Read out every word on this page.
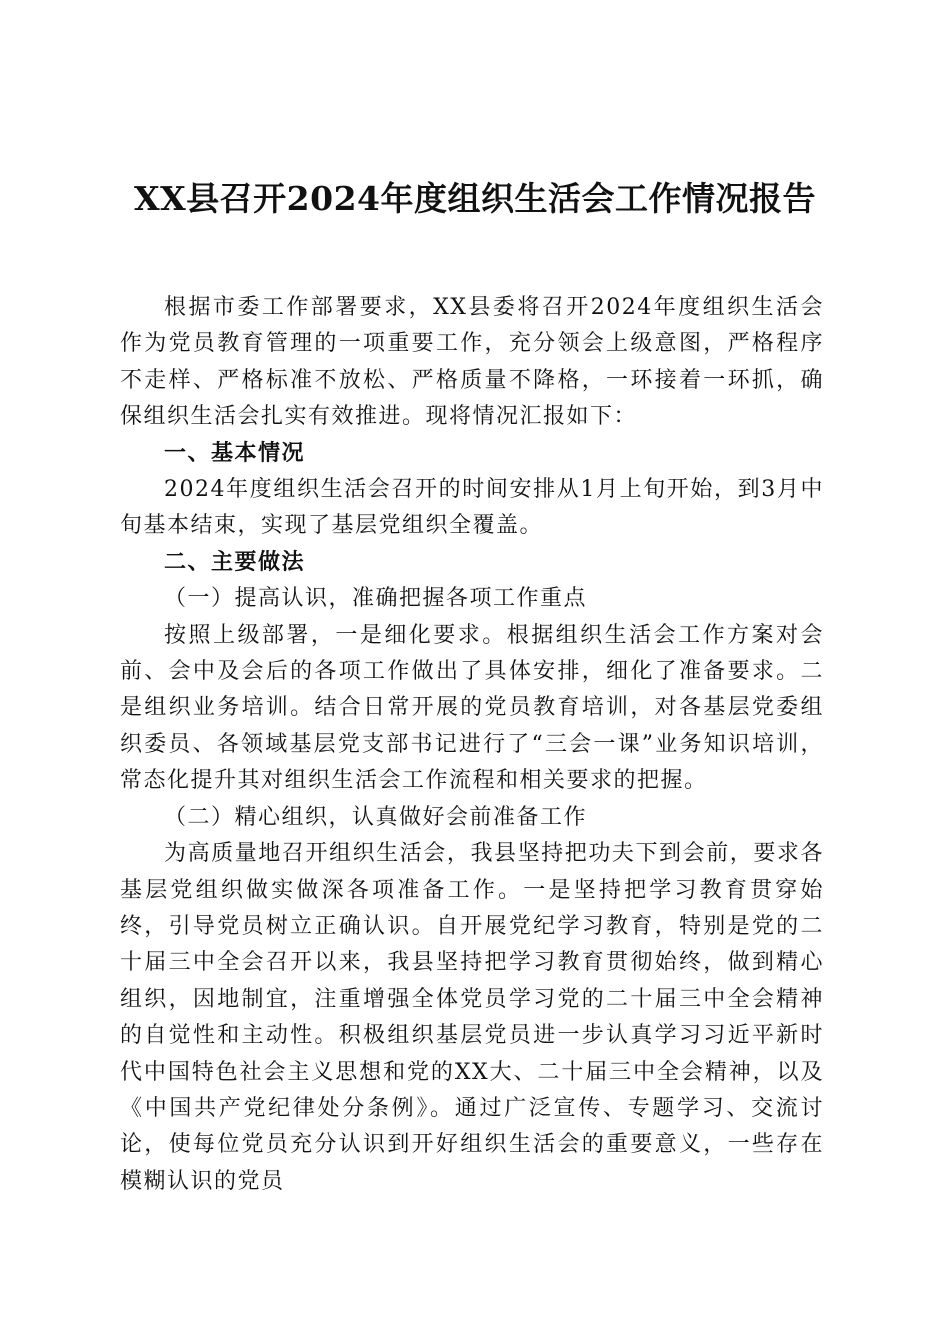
XX县召开2024年度组织生活会工作情况报告

根据市委工作部署要求，XX县委将召开2024年度组织生活会作为党员教育管理的一项重要工作，充分领会上级意图，严格程序不走样、严格标准不放松、严格质量不降格，一环接着一环抓，确保组织生活会扎实有效推进。现将情况汇报如下：

一、基本情况

2024年度组织生活会召开的时间安排从1月上旬开始，到3月中旬基本结束，实现了基层党组织全覆盖。

二、主要做法
（一）提高认识，准确把握各项工作重点

按照上级部署，一是细化要求。根据组织生活会工作方案对会前、会中及会后的各项工作做出了具体安排，细化了准备要求。二是组织业务培训。结合日常开展的党员教育培训，对各基层党委组织委员、各领域基层党支部书记进行了“三会一课”业务知识培训，常态化提升其对组织生活会工作流程和相关要求的把握。

（二）精心组织，认真做好会前准备工作

为高质量地召开组织生活会，我县坚持把功夫下到会前，要求各基层党组织做实做深各项准备工作。一是坚持把学习教育贯穿始终，引导党员树立正确认识。自开展党纪学习教育，特别是党的二十届三中全会召开以来，我县坚持把学习教育贯彻始终，做到精心组织，因地制宜，注重增强全体党员学习党的二十届三中全会精神的自觉性和主动性。积极组织基层党员进一步认真学习习近平新时代中国特色社会主义思想和党的XX大、二十届三中全会精神，以及《中国共产党纪律处分条例》。通过广泛宣传、专题学习、交流讨论，使每位党员充分认识到开好组织生活会的重要意义，一些存在模糊认识的党员
